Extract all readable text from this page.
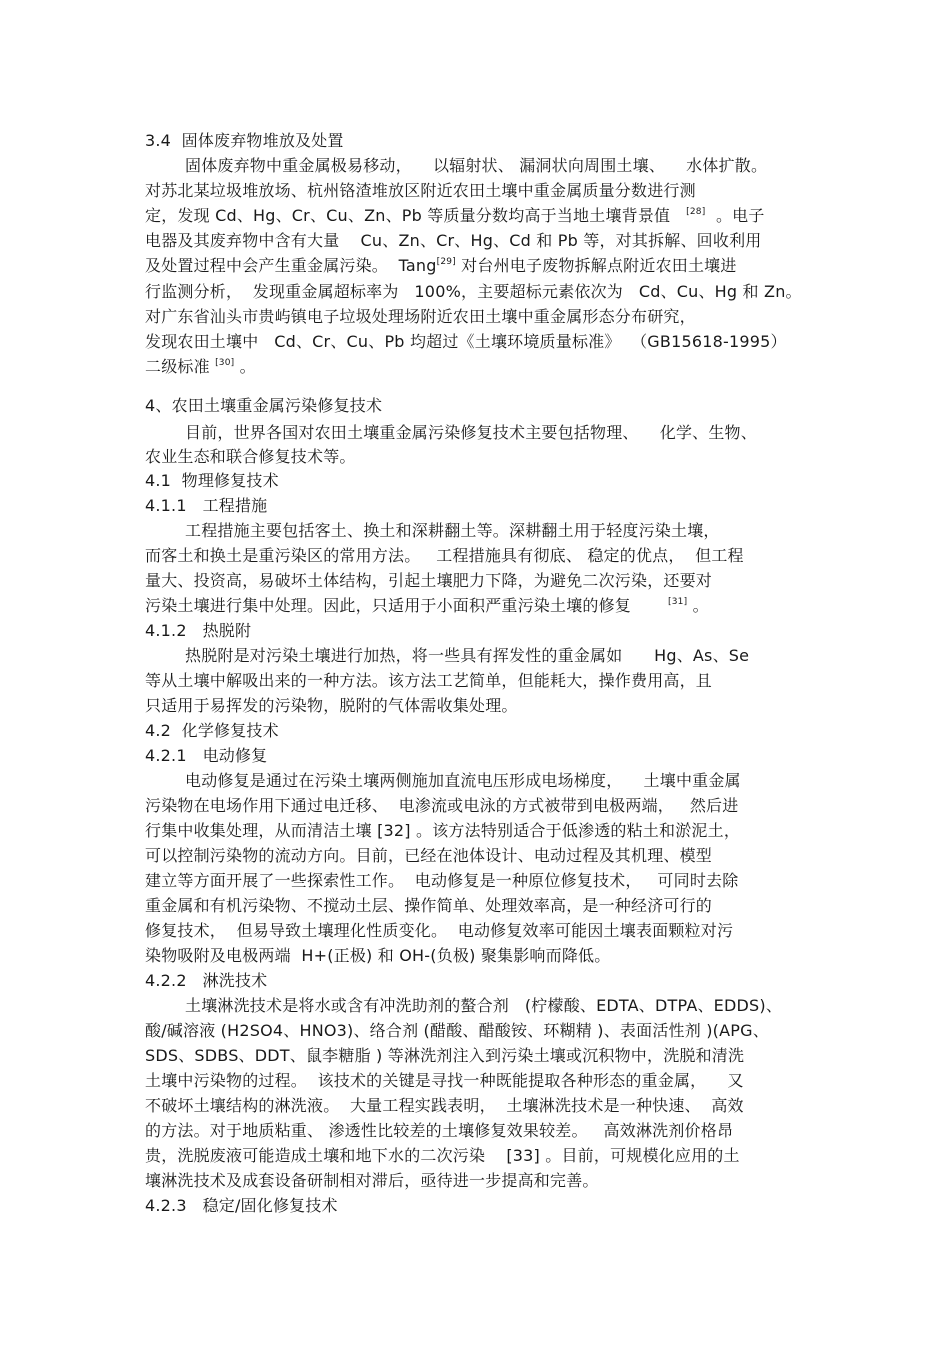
3.4  固体废弃物堆放及处置
固体废弃物中重金属极易移动，    以辐射状、 漏洞状向周围土壤、    水体扩散。
对苏北某垃圾堆放场、杭州铬渣堆放区附近农田土壤中重金属质量分数进行测
定，发现 Cd、Hg、Cr、Cu、Zn、Pb 等质量分数均高于当地土壤背景值   [28]  。电子
电器及其废弃物中含有大量    Cu、Zn、Cr、Hg、Cd 和 Pb 等，对其拆解、回收利用
及处置过程中会产生重金属污染。  Tang[29] 对台州电子废物拆解点附近农田土壤进
行监测分析，  发现重金属超标率为   100%，主要超标元素依次为   Cd、Cu、Hg 和 Zn。
对广东省汕头市贵屿镇电子垃圾处理场附近农田土壤中重金属形态分布研究，
发现农田土壤中   Cd、Cr、Cu、Pb 均超过《土壤环境质量标准》  （GB15618-1995）
二级标准 [30] 。
4、农田土壤重金属污染修复技术
目前，世界各国对农田土壤重金属污染修复技术主要包括物理、    化学、生物、
农业生态和联合修复技术等。
4.1  物理修复技术
4.1.1   工程措施
工程措施主要包括客土、换土和深耕翻土等。深耕翻土用于轻度污染土壤，
而客土和换土是重污染区的常用方法。   工程措施具有彻底、 稳定的优点，  但工程
量大、投资高，易破坏土体结构，引起土壤肥力下降，为避免二次污染，还要对
污染土壤进行集中处理。因此，只适用于小面积严重污染土壤的修复       [31] 。
4.1.2   热脱附
热脱附是对污染土壤进行加热，将一些具有挥发性的重金属如      Hg、As、Se
等从土壤中解吸出来的一种方法。该方法工艺简单，但能耗大，操作费用高，且
只适用于易挥发的污染物，脱附的气体需收集处理。
4.2  化学修复技术
4.2.1   电动修复
电动修复是通过在污染土壤两侧施加直流电压形成电场梯度，    土壤中重金属
污染物在电场作用下通过电迁移、  电渗流或电泳的方式被带到电极两端，   然后进
行集中收集处理，从而清洁土壤 [32] 。该方法特别适合于低渗透的粘土和淤泥土，
可以控制污染物的流动方向。目前，已经在池体设计、电动过程及其机理、模型
建立等方面开展了一些探索性工作。  电动修复是一种原位修复技术，   可同时去除
重金属和有机污染物、不搅动土层、操作简单、处理效率高，是一种经济可行的
修复技术，  但易导致土壤理化性质变化。  电动修复效率可能因土壤表面颗粒对污
染物吸附及电极两端  H+(正极) 和 OH-(负极) 聚集影响而降低。
4.2.2   淋洗技术
土壤淋洗技术是将水或含有冲洗助剂的螯合剂   (柠檬酸、EDTA、DTPA、EDDS)、
酸/碱溶液 (H2SO4、HNO3)、络合剂 (醋酸、醋酸铵、环糊精 )、表面活性剂 )(APG、
SDS、SDBS、DDT、鼠李糖脂 ) 等淋洗剂注入到污染土壤或沉积物中，洗脱和清洗
土壤中污染物的过程。  该技术的关键是寻找一种既能提取各种形态的重金属，    又
不破坏土壤结构的淋洗液。  大量工程实践表明，  土壤淋洗技术是一种快速、  高效
的方法。对于地质粘重、 渗透性比较差的土壤修复效果较差。   高效淋洗剂价格昂
贵，洗脱废液可能造成土壤和地下水的二次污染    [33] 。目前，可规模化应用的土
壤淋洗技术及成套设备研制相对滞后，亟待进一步提高和完善。
4.2.3   稳定/固化修复技术
